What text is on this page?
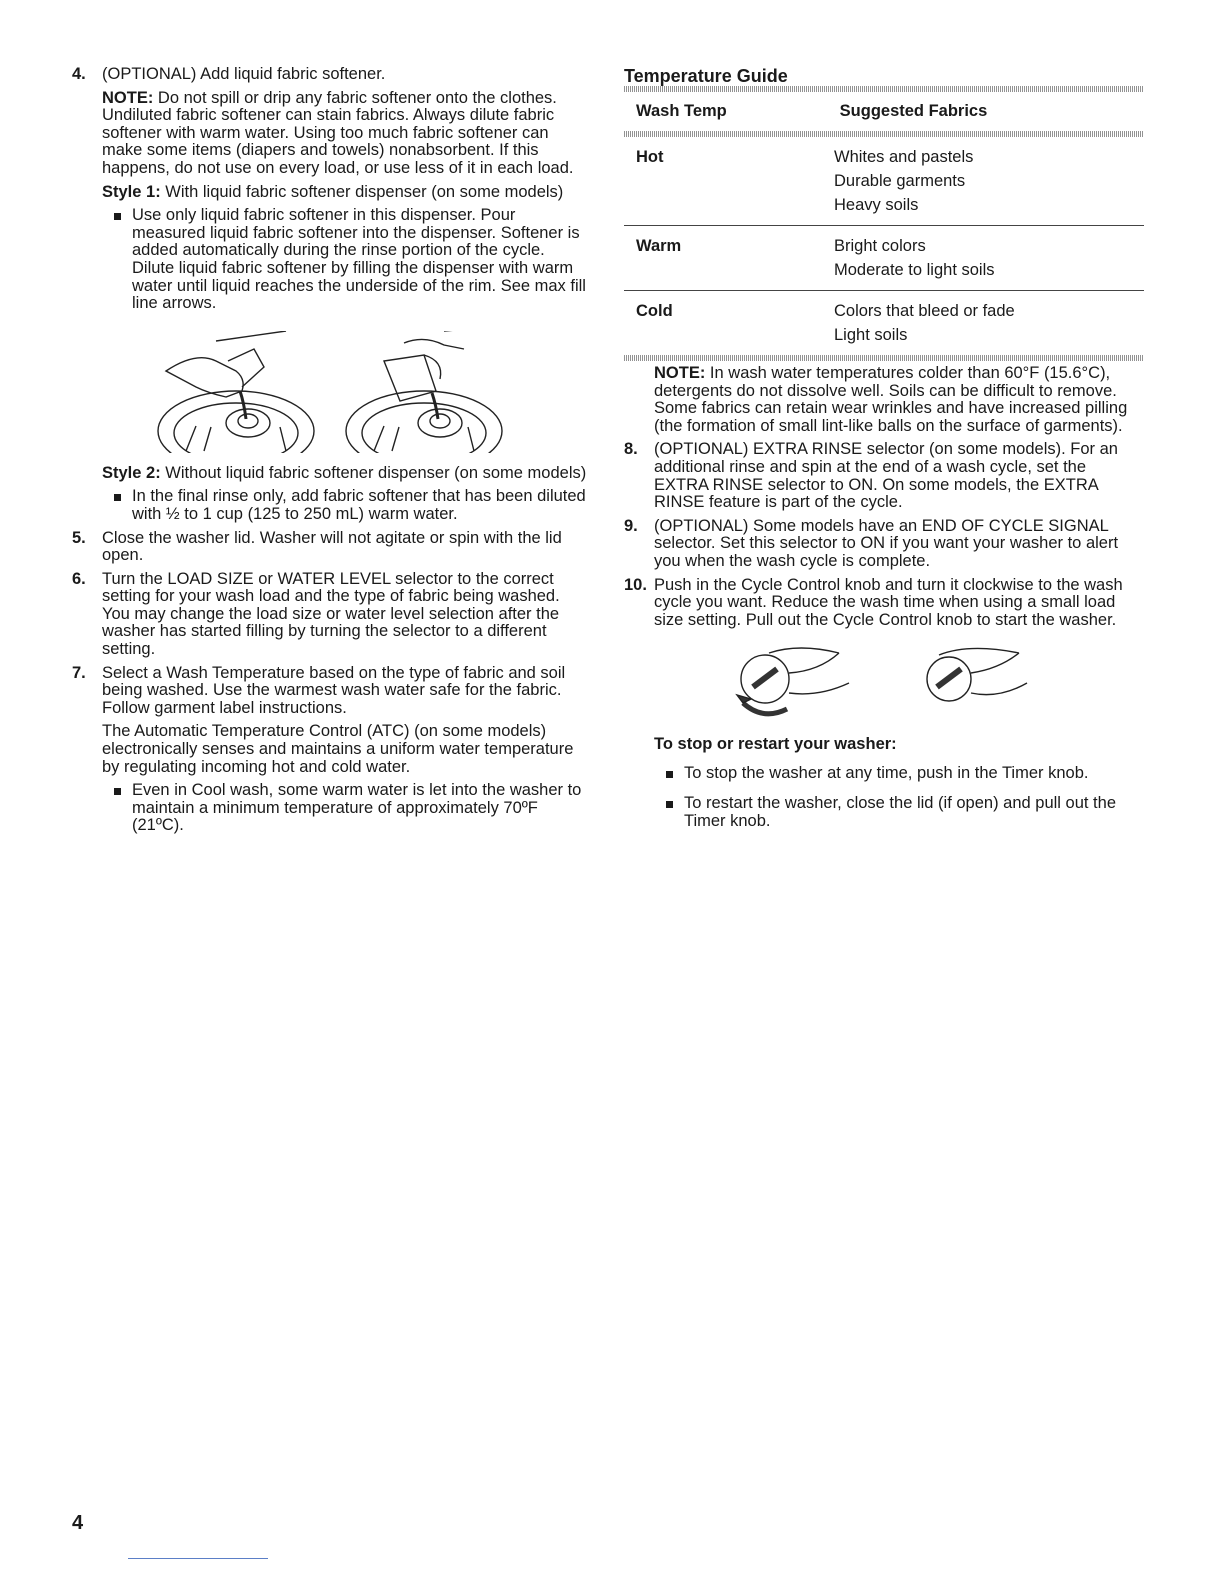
4. (OPTIONAL) Add liquid fabric softener.

NOTE: Do not spill or drip any fabric softener onto the clothes. Undiluted fabric softener can stain fabrics. Always dilute fabric softener with warm water. Using too much fabric softener can make some items (diapers and towels) nonabsorbent. If this happens, do not use on every load, or use less of it in each load.

Style 1: With liquid fabric softener dispenser (on some models)

Use only liquid fabric softener in this dispenser. Pour measured liquid fabric softener into the dispenser. Softener is added automatically during the rinse portion of the cycle. Dilute liquid fabric softener by filling the dispenser with warm water until liquid reaches the underside of the rim. See max fill line arrows.

Style 2: Without liquid fabric softener dispenser (on some models)

In the final rinse only, add fabric softener that has been diluted with ½ to 1 cup (125 to 250 mL) warm water.

5. Close the washer lid. Washer will not agitate or spin with the lid open.

6. Turn the LOAD SIZE or WATER LEVEL selector to the correct setting for your wash load and the type of fabric being washed. You may change the load size or water level selection after the washer has started filling by turning the selector to a different setting.

7. Select a Wash Temperature based on the type of fabric and soil being washed. Use the warmest wash water safe for the fabric. Follow garment label instructions.

The Automatic Temperature Control (ATC) (on some models) electronically senses and maintains a uniform water temperature by regulating incoming hot and cold water.

Even in Cool wash, some warm water is let into the washer to maintain a minimum temperature of approximately 70ºF (21ºC).

Temperature Guide

Wash Temp	Suggested Fabrics
Hot	Whites and pastels
Durable garments
Heavy soils

Warm	Bright colors
Moderate to light soils

Cold	Colors that bleed or fade
Light soils

NOTE: In wash water temperatures colder than 60°F (15.6°C), detergents do not dissolve well. Soils can be difficult to remove. Some fabrics can retain wear wrinkles and have increased pilling (the formation of small lint-like balls on the surface of garments).

8. (OPTIONAL) EXTRA RINSE selector (on some models). For an additional rinse and spin at the end of a wash cycle, set the EXTRA RINSE selector to ON. On some models, the EXTRA RINSE feature is part of the cycle.

9. (OPTIONAL) Some models have an END OF CYCLE SIGNAL selector. Set this selector to ON if you want your washer to alert you when the wash cycle is complete.

10. Push in the Cycle Control knob and turn it clockwise to the wash cycle you want. Reduce the wash time when using a small load size setting. Pull out the Cycle Control knob to start the washer.

To stop or restart your washer:

To stop the washer at any time, push in the Timer knob.

To restart the washer, close the lid (if open) and pull out the Timer knob.

4
